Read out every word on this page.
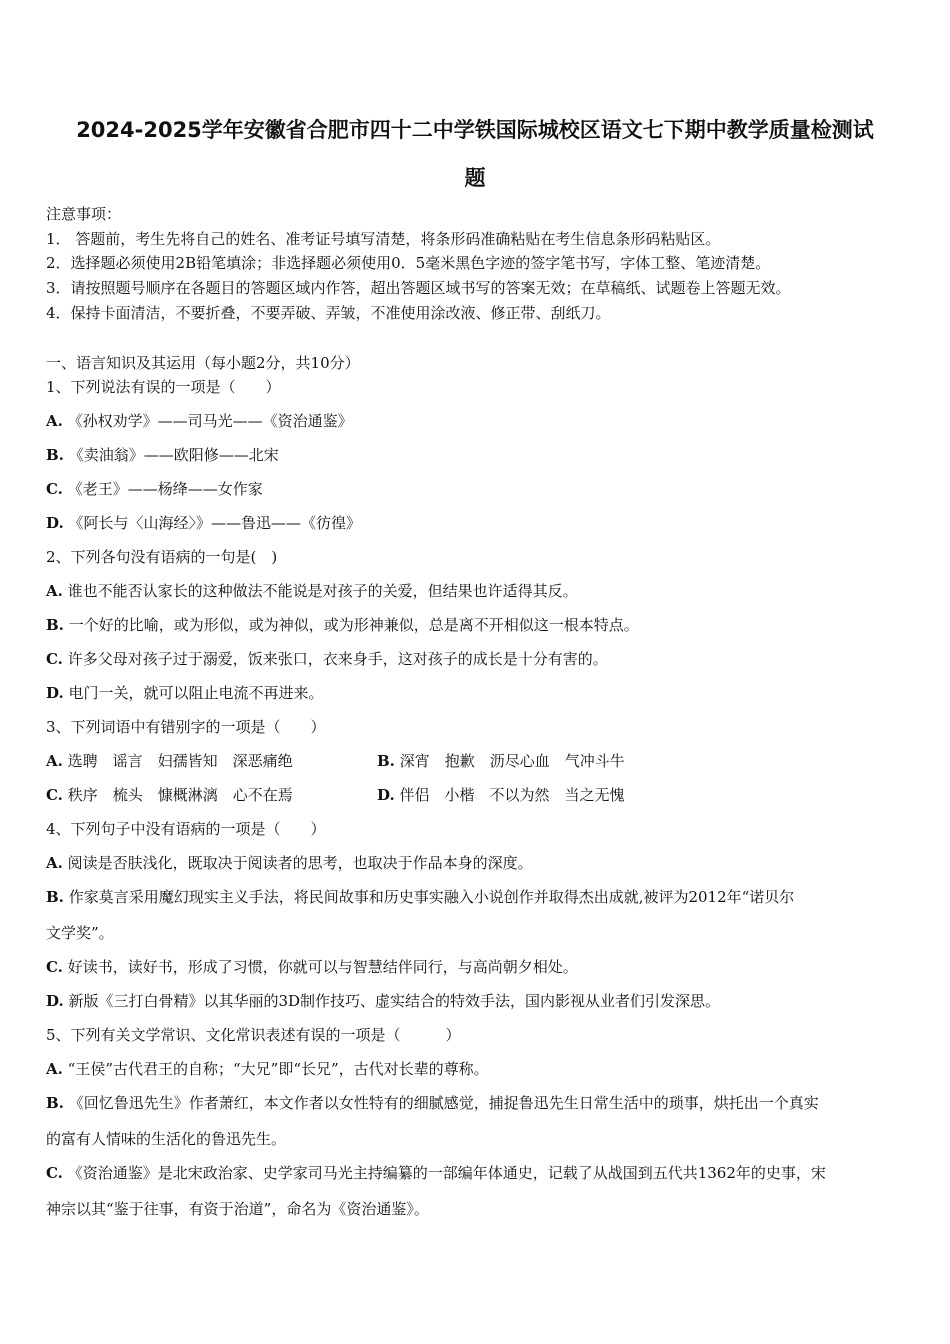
2024-2025学年安徽省合肥市四十二中学铁国际城校区语文七下期中教学质量检测试
题
注意事项：
1． 答题前，考生先将自己的姓名、准考证号填写清楚，将条形码准确粘贴在考生信息条形码粘贴区。
2．选择题必须使用2B铅笔填涂；非选择题必须使用0．5毫米黑色字迹的签字笔书写，字体工整、笔迹清楚。
3．请按照题号顺序在各题目的答题区域内作答，超出答题区域书写的答案无效；在草稿纸、试题卷上答题无效。
4．保持卡面清洁，不要折叠，不要弄破、弄皱，不准使用涂改液、修正带、刮纸刀。
一、语言知识及其运用（每小题2分，共10分）
1、下列说法有误的一项是（　　）
A. 《孙权劝学》——司马光——《资治通鉴》
B. 《卖油翁》——欧阳修——北宋
C. 《老王》——杨绛——女作家
D. 《阿长与〈山海经〉》——鲁迅——《彷徨》
2、下列各句没有语病的一句是(　)
A. 谁也不能否认家长的这种做法不能说是对孩子的关爱，但结果也许适得其反。
B. 一个好的比喻，或为形似，或为神似，或为形神兼似，总是离不开相似这一根本特点。
C. 许多父母对孩子过于溺爱，饭来张口，衣来身手，这对孩子的成长是十分有害的。
D. 电门一关，就可以阻止电流不再进来。
3、下列词语中有错别字的一项是（　　）
A. 选聘　谣言　妇孺皆知　深恶痛绝	B. 深宵　抱歉　沥尽心血　气冲斗牛
C. 秩序　梳头　慷概淋漓　心不在焉	D. 伴侣　小楷　不以为然　当之无愧
4、下列句子中没有语病的一项是（　　）
A. 阅读是否肤浅化，既取决于阅读者的思考，也取决于作品本身的深度。
B. 作家莫言采用魔幻现实主义手法，将民间故事和历史事实融入小说创作并取得杰出成就,被评为2012年“诺贝尔
文学奖”。
C. 好读书，读好书，形成了习惯，你就可以与智慧结伴同行，与高尚朝夕相处。
D. 新版《三打白骨精》以其华丽的3D制作技巧、虚实结合的特效手法，国内影视从业者们引发深思。
5、下列有关文学常识、文化常识表述有误的一项是（　　　）
A. “王侯”古代君王的自称；“大兄”即“长兄”，古代对长辈的尊称。
B. 《回忆鲁迅先生》作者萧红，本文作者以女性特有的细腻感觉，捕捉鲁迅先生日常生活中的琐事，烘托出一个真实
的富有人情味的生活化的鲁迅先生。
C. 《资治通鉴》是北宋政治家、史学家司马光主持编纂的一部编年体通史，记载了从战国到五代共1362年的史事，宋
神宗以其“鉴于往事，有资于治道”，命名为《资治通鉴》。
